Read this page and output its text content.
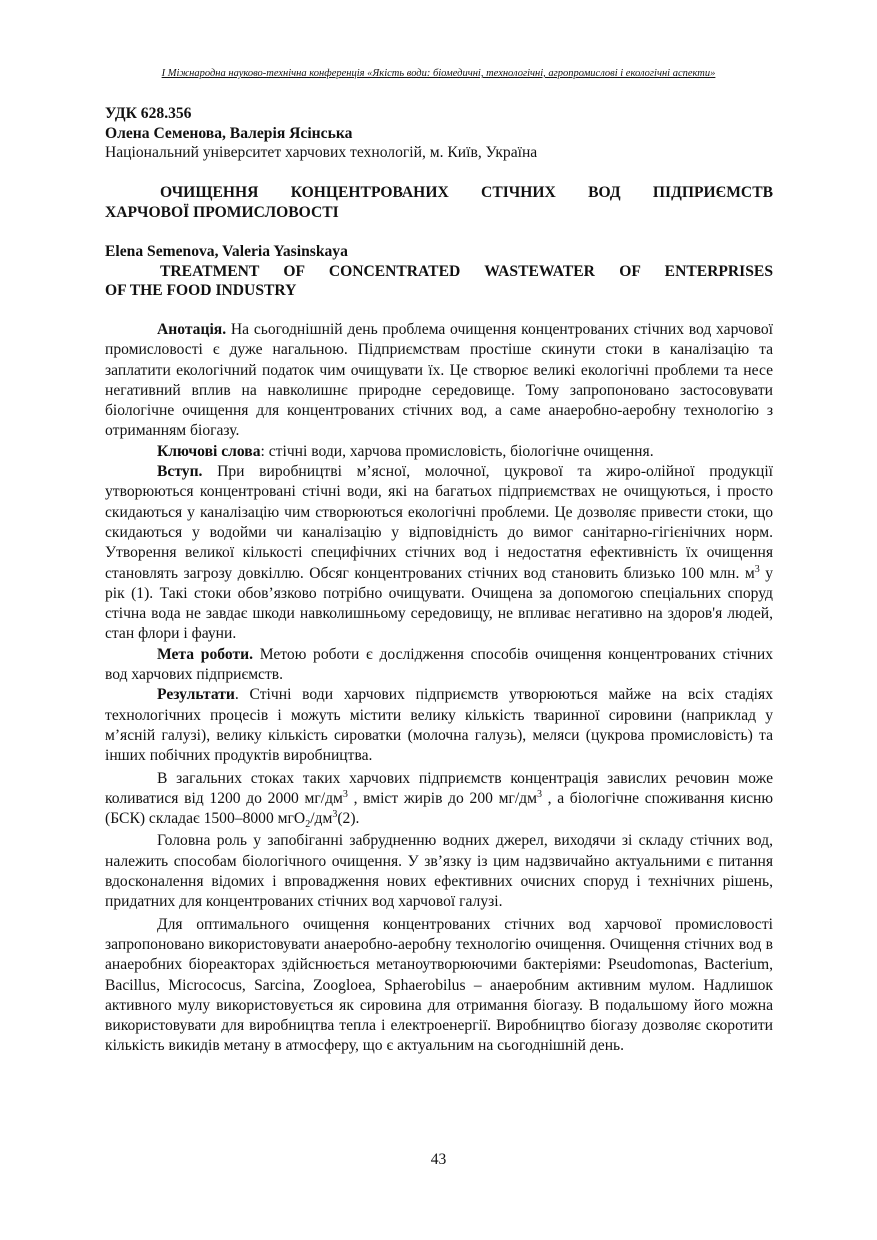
І Міжнародна науково-технічна конференція «Якість води: біомедичні, технологічні, агропромислові і екологічні аспекти»

УДК 628.356

Олена Семенова, Валерія Ясінська

Національний університет харчових технологій, м. Київ, Україна

ОЧИЩЕННЯ КОНЦЕНТРОВАНИХ СТІЧНИХ ВОД ПІДПРИЄМСТВ

ХАРЧОВОЇ ПРОМИСЛОВОСТІ

Elena Semenova, Valeria Yasinskaya

TREATMENT OF CONCENTRATED WASTEWATER OF ENTERPRISES

OF THE FOOD INDUSTRY

Анотація. На сьогоднішній день проблема очищення концентрованих стічних вод харчової промисловості є дуже нагальною. Підприємствам простіше скинути стоки в каналізацію та заплатити екологічний податок чим очищувати їх. Це створює великі екологічні проблеми та несе негативний вплив на навколишнє природне середовище. Тому запропоновано застосовувати біологічне очищення для концентрованих стічних вод, а саме анаеробно-аеробну технологію з отриманням біогазу.

Ключові слова: стічні води, харчова промисловість, біологічне очищення.

Вступ. При виробництві м’ясної, молочної, цукрової та жиро-олійної продукції утворюються концентровані стічні води, які на багатьох підприємствах не очищуються, і просто скидаються у каналізацію чим створюються екологічні проблеми. Це дозволяє привести стоки, що скидаються у водойми чи каналізацію у відповідність до вимог санітарно-гігієнічних норм. Утворення великої кількості специфічних стічних вод і недостатня ефективність їх очищення становлять загрозу довкіллю. Обсяг концентрованих стічних вод становить близько 100 млн. $м^3$ у рік (1). Такі стоки обов’язково потрібно очищувати. Очищена за допомогою спеціальних споруд стічна вода не завдає шкоди навколишньому середовищу, не впливає негативно на здоров'я людей, стан флори і фауни.

Мета роботи. Метою роботи є дослідження способів очищення концентрованих стічних вод харчових підприємств.

Результати. Стічні води харчових підприємств утворюються майже на всіх стадіях технологічних процесів і можуть містити велику кількість тваринної сировини (наприклад у м’ясній галузі), велику кількість сироватки (молочна галузь), меляси (цукрова промисловість) та інших побічних продуктів виробництва.

В загальних стоках таких харчових підприємств концентрація завислих речовин може коливатися від 1200 до 2000 $мг/дм^3$ , вміст жирів до 200 $мг/дм^3$ , а біологічне споживання кисню (БСК) складає 1500–8000 $мгО_2/дм^3(2)$.

Головна роль у запобіганні забрудненню водних джерел, виходячи зі складу стічних вод, належить способам біологічного очищення. У зв’язку із цим надзвичайно актуальними є питання вдосконалення відомих і впровадження нових ефективних очисних споруд і технічних рішень, придатних для концентрованих стічних вод харчової галузі.

Для оптимального очищення концентрованих стічних вод харчової промисловості запропоновано використовувати анаеробно-аеробну технологію очищення. Очищення стічних вод в анаеробних біореакторах здійснюється метаноутворюючими бактеріями: Pseudomonas, Bacterium, Bacillus, Micrococus, Sarcina, Zoogloea, Sphaerobilus – анаеробним активним мулом. Надлишок активного мулу використовується як сировина для отримання біогазу. В подальшому його можна використовувати для виробництва тепла і електроенергії. Виробництво біогазу дозволяє скоротити кількість викидів метану в атмосферу, що є актуальним на сьогоднішній день.

43
